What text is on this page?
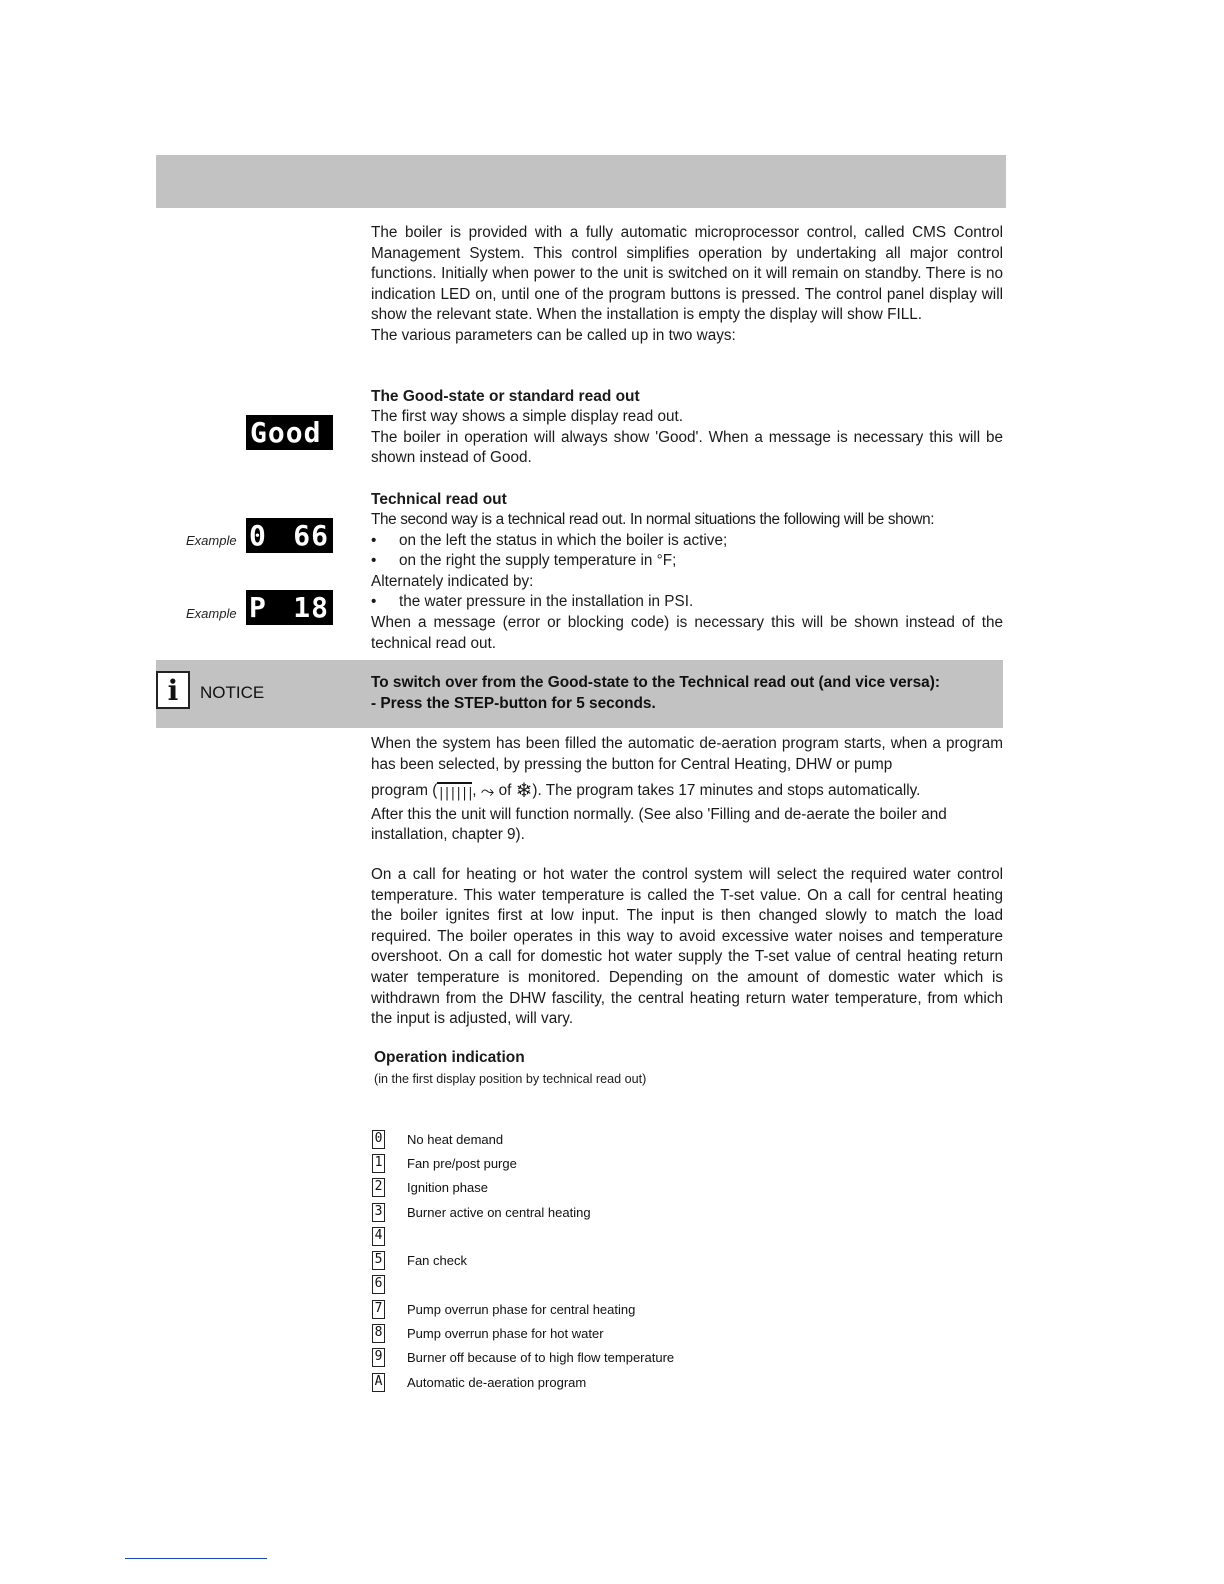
The boiler is provided with a fully automatic microprocessor control, called CMS Control Management System. This control simplifies operation by undertaking all major control functions. Initially when power to the unit is switched on it will remain on standby. There is no indication LED on, until one of the program buttons is pressed. The control panel display will show the relevant state. When the installation is empty the display will show FILL.

The various parameters can be called up in two ways:

Good

The Good-state or standard read out

The first way shows a simple display read out.

The boiler in operation will always show 'Good'. When a message is necessary this will be shown instead of Good.

Example 0 66
Example P 18

Technical read out

The second way is a technical read out. In normal situations the following will be shown:

•	on the left the status in which the boiler is active;
•	on the right the supply temperature in °F;

Alternately indicated by:

•	the water pressure in the installation in PSI.

When a message (error or blocking code) is necessary this will be shown instead of the technical read out.

i	NOTICE
To switch over from the Good-state to the Technical read out (and vice versa):
- Press the STEP-button for 5 seconds.

When the system has been filled the automatic de-aeration program starts, when a program has been selected, by pressing the button for Central Heating, DHW or pump

program (||||||, ⤳ of ❄). The program takes 17 minutes and stops automatically.

After this the unit will function normally. (See also 'Filling and de-aerate the boiler and installation, chapter 9).

On a call for heating or hot water the control system will select the required water control temperature. This water temperature is called the T-set value. On a call for central heating the boiler ignites first at low input. The input is then changed slowly to match the load required. The boiler operates in this way to avoid excessive water noises and temperature overshoot. On a call for domestic hot water supply the T-set value of central heating return water temperature is monitored. Depending on the amount of domestic water which is withdrawn from the DHW fascility, the central heating return water temperature, from which the input is adjusted, will vary.

Operation indication
(in the first display position by technical read out)
0 No heat demand
1 Fan pre/post purge
2 Ignition phase
3 Burner active on central heating
4
5 Fan check
6
7 Pump overrun phase for central heating
8 Pump overrun phase for hot water
9 Burner off because of to high flow temperature
A Automatic de-aeration program
